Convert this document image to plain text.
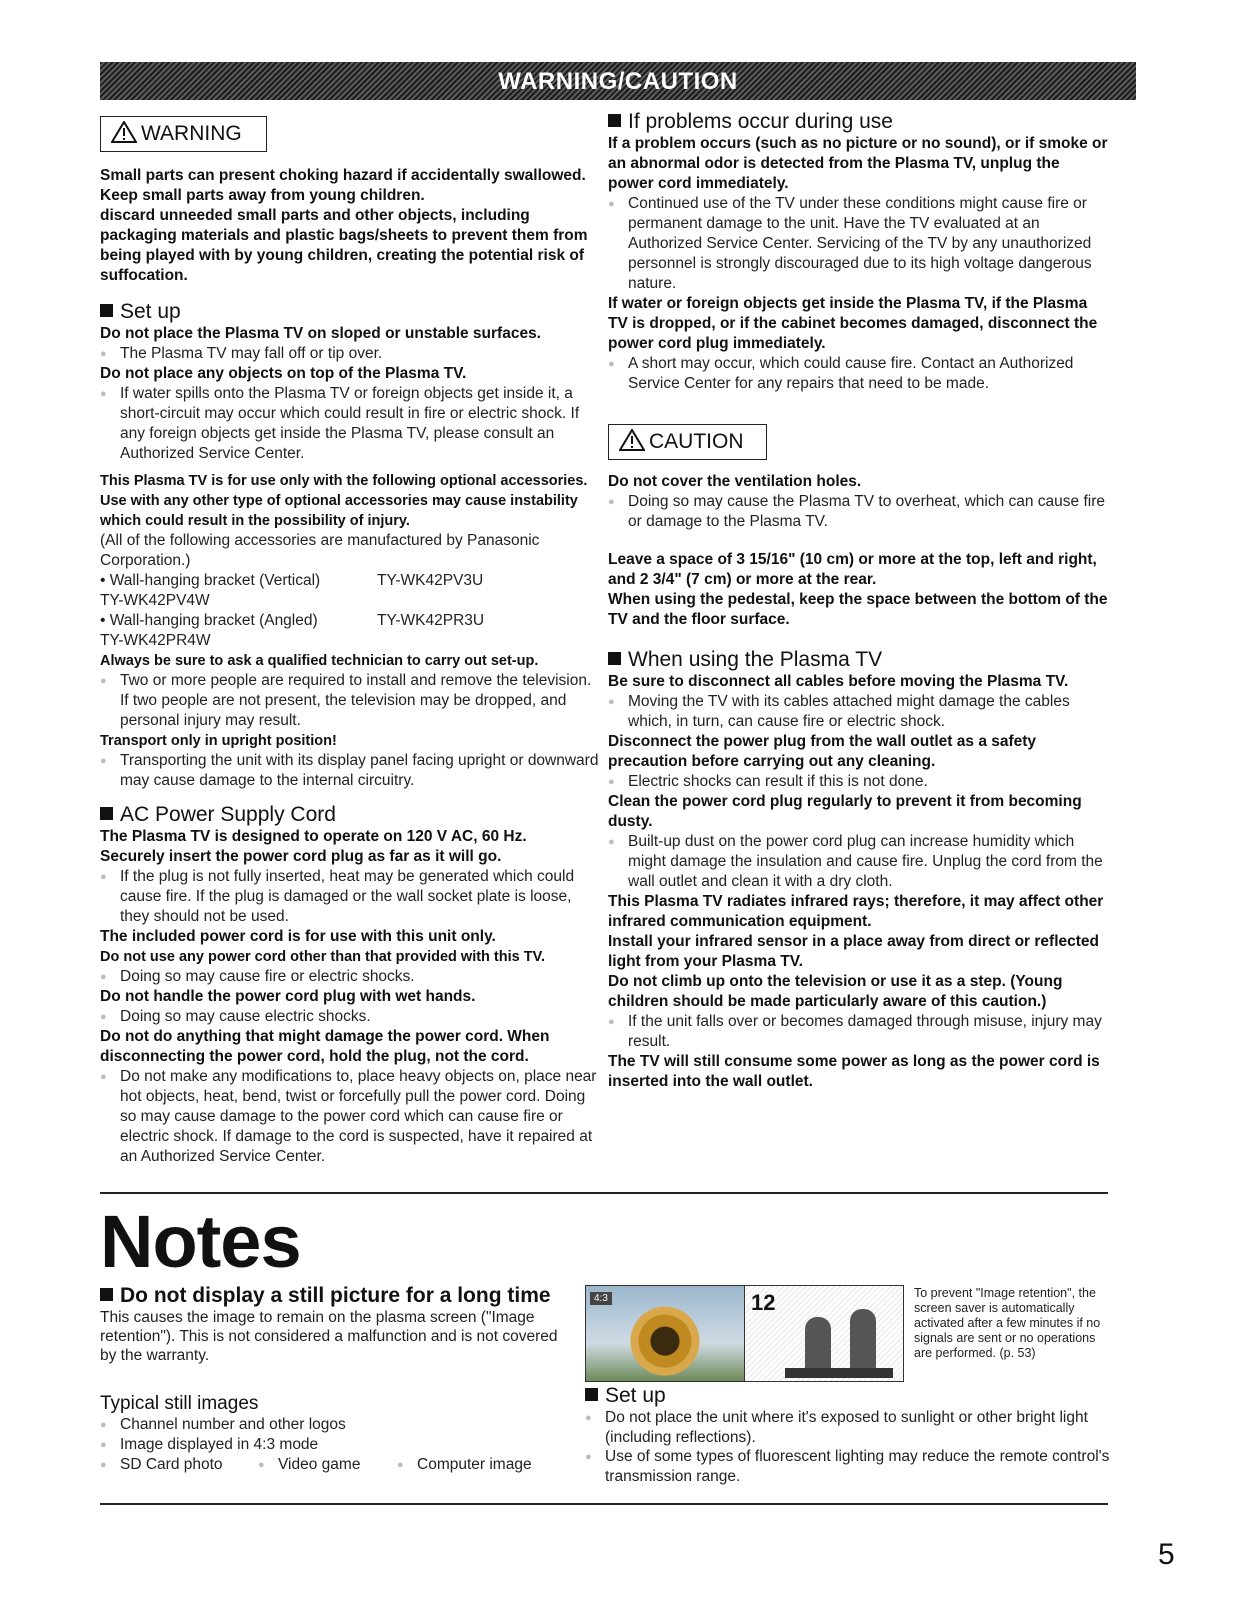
WARNING/CAUTION
WARNING

Small parts can present choking hazard if accidentally swallowed.

Keep small parts away from young children.

discard unneeded small parts and other objects, including packaging materials and plastic bags/sheets to prevent them from being played with by young children, creating the potential risk of suffocation.

Set up

Do not place the Plasma TV on sloped or unstable surfaces.

● The Plasma TV may fall off or tip over.

Do not place any objects on top of the Plasma TV.

● If water spills onto the Plasma TV or foreign objects get inside it, a short-circuit may occur which could result in fire or electric shock. If any foreign objects get inside the Plasma TV, please consult an Authorized Service Center.

This Plasma TV is for use only with the following optional accessories. Use with any other type of optional accessories may cause instability which could result in the possibility of injury.

(All of the following accessories are manufactured by Panasonic Corporation.)

• Wall-hanging bracket (Vertical)	TY-WK42PV3U

TY-WK42PV4W

• Wall-hanging bracket (Angled)	TY-WK42PR3U

TY-WK42PR4W

Always be sure to ask a qualified technician to carry out set-up.

● Two or more people are required to install and remove the television. If two people are not present, the television may be dropped, and personal injury may result.

Transport only in upright position!

● Transporting the unit with its display panel facing upright or downward may cause damage to the internal circuitry.

AC Power Supply Cord

The Plasma TV is designed to operate on 120 V AC, 60 Hz.

Securely insert the power cord plug as far as it will go.

● If the plug is not fully inserted, heat may be generated which could cause fire. If the plug is damaged or the wall socket plate is loose, they should not be used.

The included power cord is for use with this unit only.

Do not use any power cord other than that provided with this TV.

● Doing so may cause fire or electric shocks.

Do not handle the power cord plug with wet hands.

● Doing so may cause electric shocks.

Do not do anything that might damage the power cord. When disconnecting the power cord, hold the plug, not the cord.

● Do not make any modifications to, place heavy objects on, place near hot objects, heat, bend, twist or forcefully pull the power cord. Doing so may cause damage to the power cord which can cause fire or electric shock. If damage to the cord is suspected, have it repaired at an Authorized Service Center.

If problems occur during use

If a problem occurs (such as no picture or no sound), or if smoke or an abnormal odor is detected from the Plasma TV, unplug the power cord immediately.

● Continued use of the TV under these conditions might cause fire or permanent damage to the unit. Have the TV evaluated at an Authorized Service Center. Servicing of the TV by any unauthorized personnel is strongly discouraged due to its high voltage dangerous nature.

If water or foreign objects get inside the Plasma TV, if the Plasma TV is dropped, or if the cabinet becomes damaged, disconnect the power cord plug immediately.

● A short may occur, which could cause fire. Contact an Authorized Service Center for any repairs that need to be made.

CAUTION

Do not cover the ventilation holes.

● Doing so may cause the Plasma TV to overheat, which can cause fire or damage to the Plasma TV.

Leave a space of 3 15/16" (10 cm) or more at the top, left and right, and 2 3/4" (7 cm) or more at the rear.

When using the pedestal, keep the space between the bottom of the TV and the floor surface.

When using the Plasma TV

Be sure to disconnect all cables before moving the Plasma TV.

● Moving the TV with its cables attached might damage the cables which, in turn, can cause fire or electric shock.

Disconnect the power plug from the wall outlet as a safety precaution before carrying out any cleaning.

● Electric shocks can result if this is not done.

Clean the power cord plug regularly to prevent it from becoming dusty.

● Built-up dust on the power cord plug can increase humidity which might damage the insulation and cause fire. Unplug the cord from the wall outlet and clean it with a dry cloth.

This Plasma TV radiates infrared rays; therefore, it may affect other infrared communication equipment.

Install your infrared sensor in a place away from direct or reflected light from your Plasma TV.

Do not climb up onto the television or use it as a step. (Young children should be made particularly aware of this caution.)

● If the unit falls over or becomes damaged through misuse, injury may result.

The TV will still consume some power as long as the power cord is inserted into the wall outlet.

Notes
Do not display a still picture for a long time

This causes the image to remain on the plasma screen ("Image retention"). This is not considered a malfunction and is not covered by the warranty.

Typical still images

● Channel number and other logos

● Image displayed in 4:3 mode

● SD Card photo	● Video game	● Computer image
4:3	12	To prevent "Image retention", the screen saver is automatically activated after a few minutes if no signals are sent or no operations are performed. (p. 53)
Set up

● Do not place the unit where it's exposed to sunlight or other bright light (including reflections).

● Use of some types of fluorescent lighting may reduce the remote control's transmission range.

5
